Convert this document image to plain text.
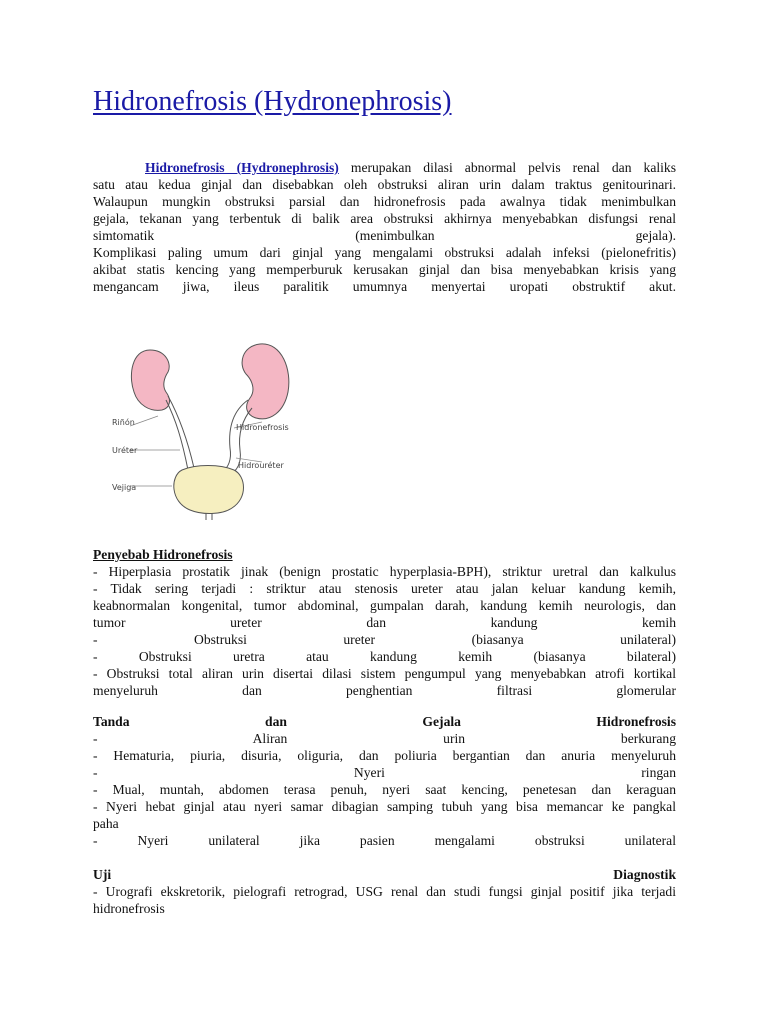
Hidronefrosis (Hydronephrosis)
Hidronefrosis (Hydronephrosis) merupakan dilasi abnormal pelvis renal dan kaliks
satu atau kedua ginjal dan disebabkan oleh obstruksi aliran urin dalam traktus genitourinari.
Walaupun mungkin obstruksi parsial dan hidronefrosis pada awalnya tidak menimbulkan
gejala, tekanan yang terbentuk di balik area obstruksi akhirnya menyebabkan disfungsi renal
simtomatik (menimbulkan gejala).
Komplikasi paling umum dari ginjal yang mengalami obstruksi adalah infeksi (pielonefritis)
akibat statis kencing yang memperburuk kerusakan ginjal dan bisa menyebabkan krisis yang
mengancam jiwa, ileus paralitik umumnya menyertai uropati obstruktif akut.
Riñón
Uréter
Vejiga
Hidronefrosis
Hidrouréter
Penyebab Hidronefrosis
- Hiperplasia prostatik jinak (benign prostatic hyperplasia-BPH), striktur uretral dan kalkulus
- Tidak sering terjadi : striktur atau stenosis ureter atau jalan keluar kandung kemih,
keabnormalan kongenital, tumor abdominal, gumpalan darah, kandung kemih neurologis, dan
tumor ureter dan kandung kemih
- Obstruksi ureter (biasanya unilateral)
- Obstruksi uretra atau kandung kemih (biasanya bilateral)
- Obstruksi total aliran urin disertai dilasi sistem pengumpul yang menyebabkan atrofi kortikal
menyeluruh dan penghentian filtrasi glomerular
Tanda dan Gejala Hidronefrosis
- Aliran urin berkurang
- Hematuria, piuria, disuria, oliguria, dan poliuria bergantian dan anuria menyeluruh
- Nyeri ringan
- Mual, muntah, abdomen terasa penuh, nyeri saat kencing, penetesan dan keraguan
- Nyeri hebat ginjal atau nyeri samar dibagian samping tubuh yang bisa memancar ke pangkal
paha
- Nyeri unilateral jika pasien mengalami obstruksi unilateral
Uji Diagnostik
- Urografi ekskretorik, pielografi retrograd, USG renal dan studi fungsi ginjal positif jika terjadi
hidronefrosis
